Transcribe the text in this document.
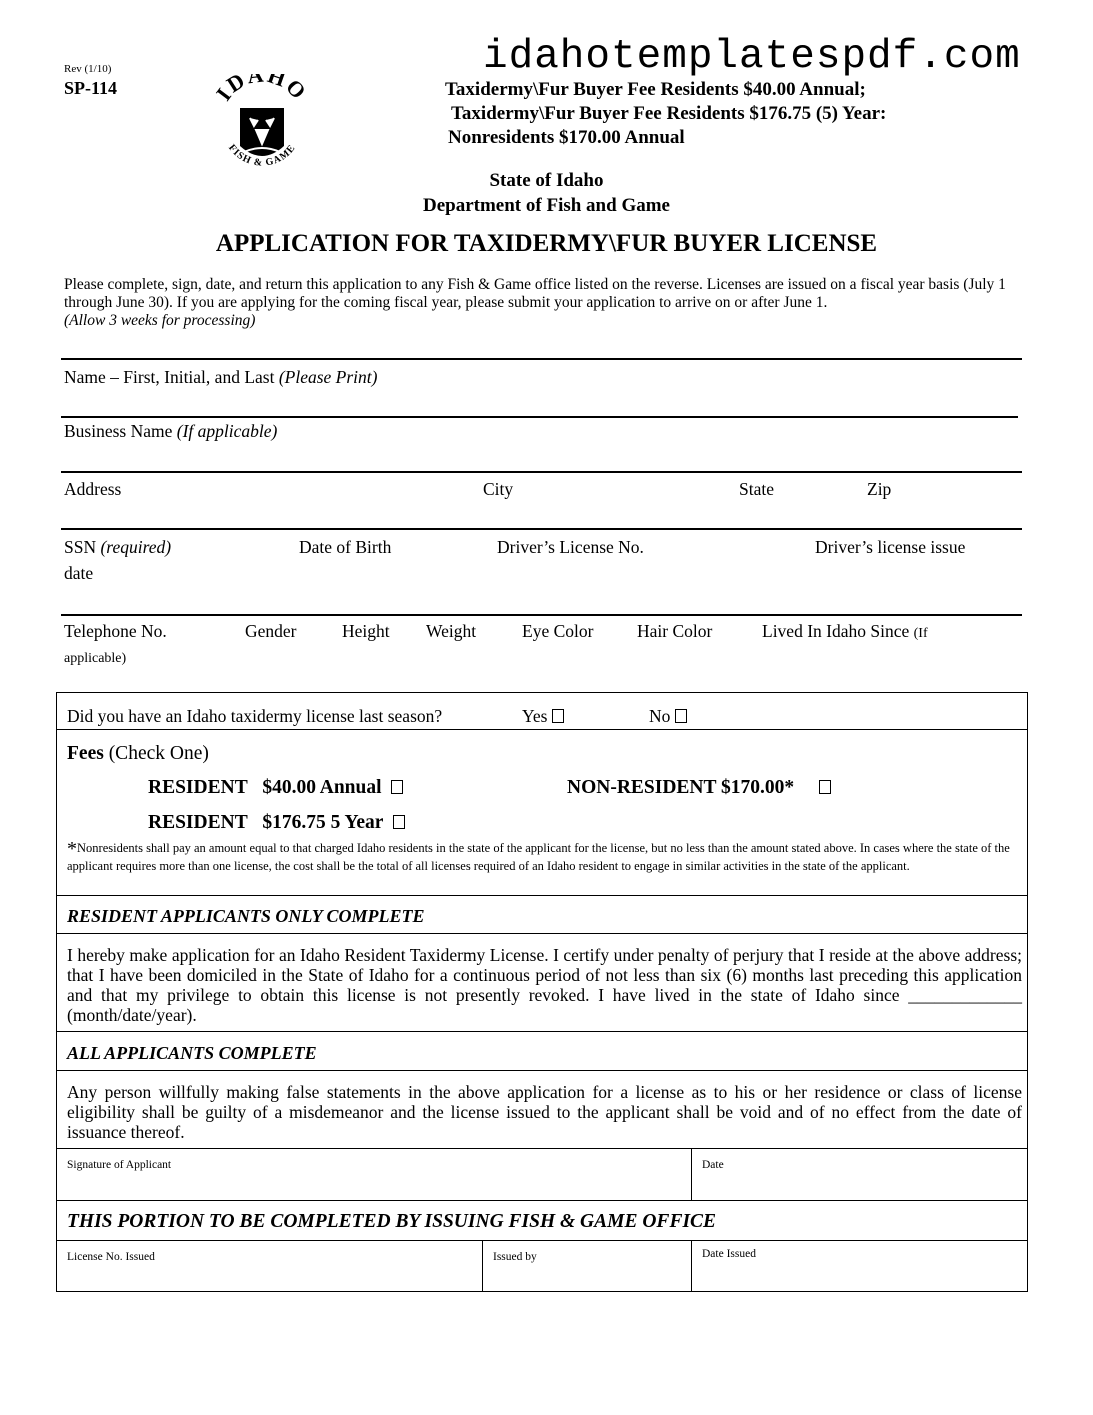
idahotemplatespdf.com
Rev (1/10)
SP-114	DAHO
FISH & GAME
Taxidermy\Fur Buyer Fee Residents $40.00 Annual;
Taxidermy\Fur Buyer Fee Residents $176.75 (5) Year:
Nonresidents $170.00 Annual
State of Idaho
Department of Fish and Game
APPLICATION FOR TAXIDERMY\FUR BUYER LICENSE
Please complete, sign, date, and return this application to any Fish & Game office listed on the reverse. Licenses are issued on a fiscal year basis (July 1 through June 30). If you are applying for the coming fiscal year, please submit your application to arrive on or after June 1.
(Allow 3 weeks for processing)
Name – First, Initial, and Last (Please Print)
Business Name (If applicable)
Address	City	State	Zip
SSN (required)	Date of Birth	Driver’s License No.	Driver’s license issue
date
Telephone No.	Gender	Height Weight	Eye Color Hair Color	Lived In Idaho Since (If
applicable)
Did you have an Idaho taxidermy license last season?	Yes	No
Fees (Check One)
RESIDENT $40.00 Annual	NON-RESIDENT $170.00*
RESIDENT $176.75 5 Year
*Nonresidents shall pay an amount equal to that charged Idaho residents in the state of the applicant for the license, but no less than the amount stated above. In cases where the state of the applicant requires more than one license, the cost shall be the total of all licenses required of an Idaho resident to engage in similar activities in the state of the applicant.
RESIDENT APPLICANTS ONLY COMPLETE
I hereby make application for an Idaho Resident Taxidermy License. I certify under penalty of perjury that I reside at the above address; that I have been domiciled in the State of Idaho for a continuous period of not less than six (6) months last preceding this application and that my privilege to obtain this license is not presently revoked. I have lived in the state of Idaho since _____________ (month/date/year).
ALL APPLICANTS COMPLETE
Any person willfully making false statements in the above application for a license as to his or her residence or class of license eligibility shall be guilty of a misdemeanor and the license issued to the applicant shall be void and of no effect from the date of issuance thereof.
Signature of Applicant	Date
THIS PORTION TO BE COMPLETED BY ISSUING FISH & GAME OFFICE
License No. Issued	Issued by	Date Issued
